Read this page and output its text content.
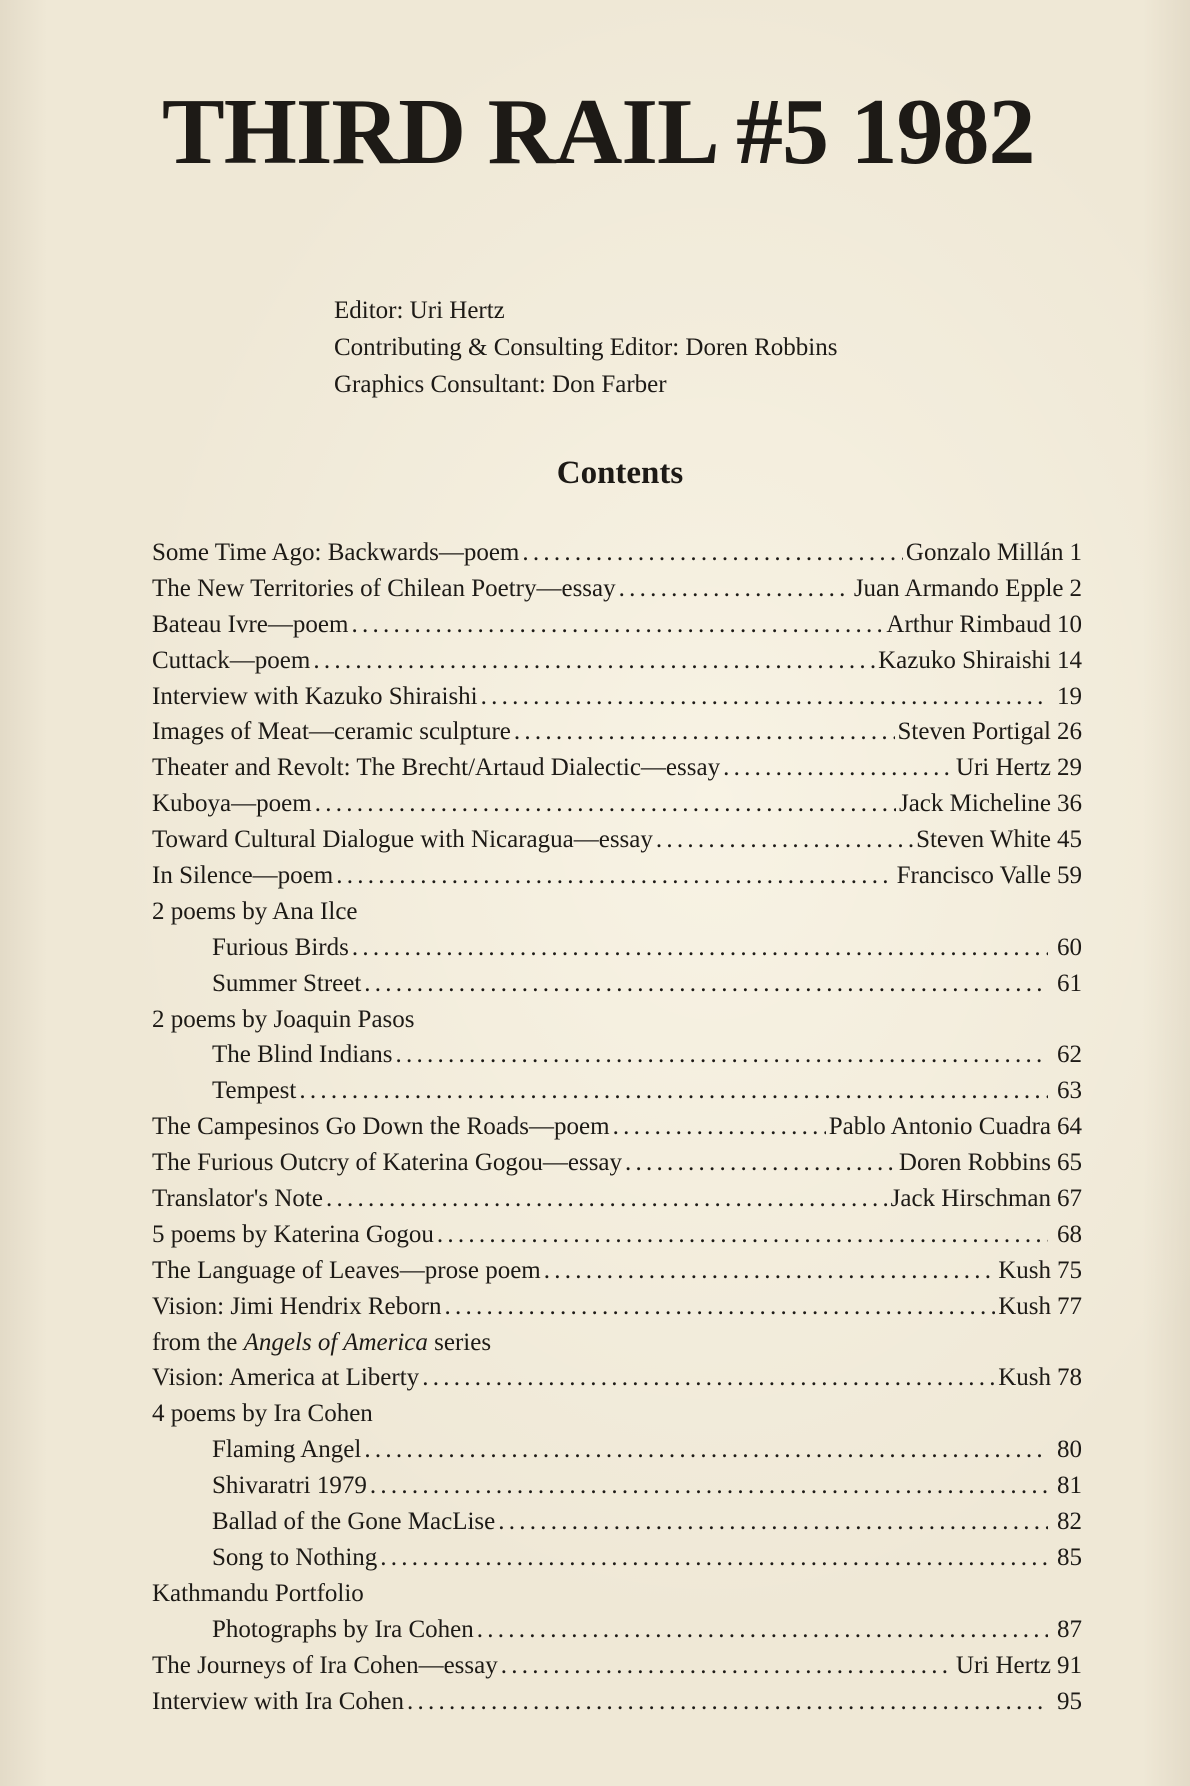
THIRD RAIL #5 1982
Editor: Uri Hertz
Contributing & Consulting Editor: Doren Robbins
Graphics Consultant: Don Farber
Contents
Some Time Ago: Backwards—poem . . .	Gonzalo Millán 1
The New Territories of Chilean Poetry—essay . . .	Juan Armando Epple 2
Bateau Ivre—poem . . .	Arthur Rimbaud 10
Cuttack—poem . . .	Kazuko Shiraishi 14
Interview with Kazuko Shiraishi . . .	19
Images of Meat—ceramic sculpture . . .	Steven Portigal 26
Theater and Revolt: The Brecht/Artaud Dialectic—essay . . .	Uri Hertz 29
Kuboya—poem . . .	Jack Micheline 36
Toward Cultural Dialogue with Nicaragua—essay . . .	Steven White 45
In Silence—poem . . .	Francisco Valle 59
2 poems by Ana Ilce
Furious Birds . . .	60
Summer Street . . .	61
2 poems by Joaquin Pasos
The Blind Indians . . .	62
Tempest . . .	63
The Campesinos Go Down the Roads—poem . . .	Pablo Antonio Cuadra 64
The Furious Outcry of Katerina Gogou—essay . . .	Doren Robbins 65
Translator's Note . . .	Jack Hirschman 67
5 poems by Katerina Gogou . . .	68
The Language of Leaves—prose poem . . .	Kush 75
Vision: Jimi Hendrix Reborn . . .	Kush 77
from the Angels of America series
Vision: America at Liberty . . .	Kush 78
4 poems by Ira Cohen
Flaming Angel . . .	80
Shivaratri 1979 . . .	81
Ballad of the Gone MacLise . . .	82
Song to Nothing . . .	85
Kathmandu Portfolio
Photographs by Ira Cohen . . .	87
The Journeys of Ira Cohen—essay . . .	Uri Hertz 91
Interview with Ira Cohen . . .	95
